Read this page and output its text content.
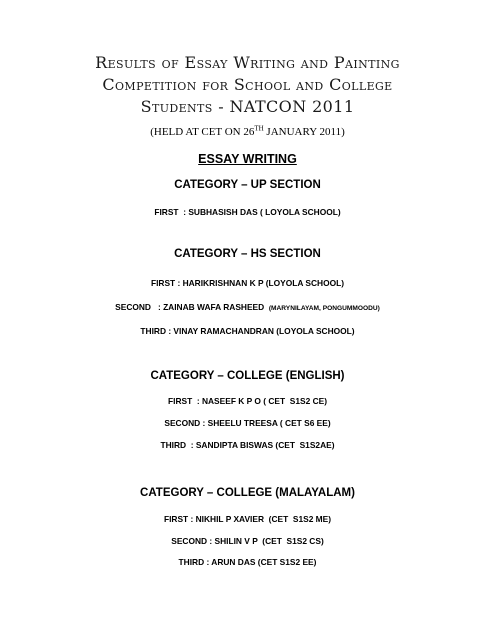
Results of Essay Writing and Painting
Competition for School and College
Students - NATCON 2011
(HELD AT CET ON 26TH JANUARY 2011)
ESSAY WRITING
CATEGORY – UP SECTION
FIRST  : SUBHASISH DAS ( LOYOLA SCHOOL)
CATEGORY – HS SECTION
FIRST : HARIKRISHNAN K P (LOYOLA SCHOOL)
SECOND   : ZAINAB WAFA RASHEED (MARYNILAYAM, PONGUMMOODU)
THIRD : VINAY RAMACHANDRAN (LOYOLA SCHOOL)
CATEGORY – COLLEGE (ENGLISH)
FIRST  : NASEEF K P O ( CET  S1S2 CE)
SECOND : SHEELU TREESA ( CET S6 EE)
THIRD  : SANDIPTA BISWAS (CET  S1S2AE)
CATEGORY – COLLEGE (MALAYALAM)
FIRST : NIKHIL P XAVIER  (CET  S1S2 ME)
SECOND : SHILIN V P  (CET  S1S2 CS)
THIRD : ARUN DAS (CET S1S2 EE)
